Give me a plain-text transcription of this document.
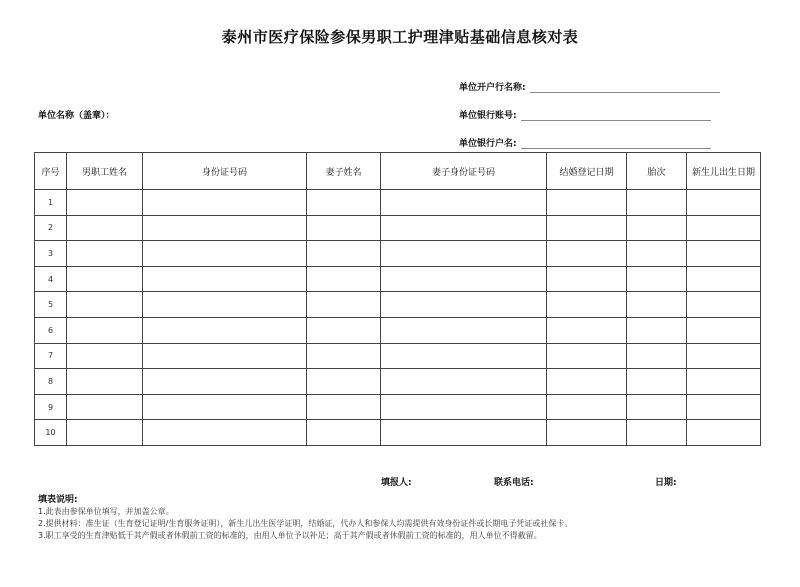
泰州市医疗保险参保男职工护理津贴基础信息核对表
单位开户行名称:
单位名称（盖章）：	单位银行账号:
单位银行户名:
序号	男职工姓名	身份证号码	妻子姓名	妻子身份证号码	结婚登记日期	胎次	新生儿出生日期
1							
2							
3							
4							
5							
6							
7							
8							
9							
10							
填报人:	联系电话:	日期:
填表说明:
1.此表由参保单位填写，并加盖公章。
2.提供材料：准生证（生育登记证明/生育服务证明），新生儿出生医学证明，结婚证，代办人和参保人均需提供有效身份证件或长期电子凭证或社保卡。
3.职工享受的生育津贴低于其产假或者休假前工资的标准的，由用人单位予以补足；高于其产假或者休假前工资的标准的，用人单位不得截留。
